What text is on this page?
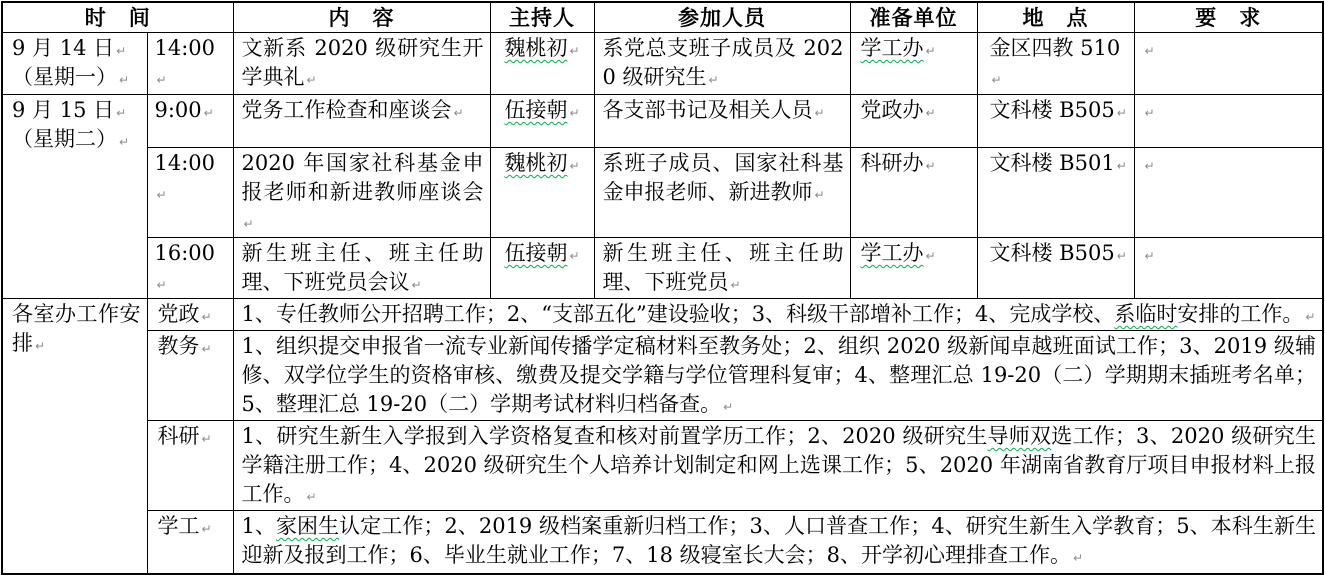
时　间		内　容	主持人	参加人员	准备单位	地　点	要　求

9 月 14 日 ↵
（星期一） ↵	14:00↵	文新系 2020 级研究生开学典礼 ↵	魏桃初 ↵	系党总支班子成员及 2020 级研究生 ↵	学工办 ↵	金区四教 510↵	↵

9 月 15 日 ↵
（星期二） ↵	9:00 ↵	党务工作检查和座谈会 ↵	伍接朝 ↵	各支部书记及相关人员 ↵	党政办 ↵	文科楼 B505 ↵	↵
	14:00↵	2020 年国家社科基金申报老师和新进教师座谈会↵	魏桃初 ↵	系班子成员、国家社科基金申报老师、新进教师 ↵	科研办 ↵	文科楼 B501 ↵	↵
	16:00↵	新生班主任、班主任助理、下班党员会议 ↵	伍接朝 ↵	新生班主任、班主任助理、下班党员 ↵	学工办 ↵	文科楼 B505 ↵	↵
各室办工作安排 ↵	党政 ↵	1、专任教师公开招聘工作；2、“支部五化”建设验收；3、科级干部增补工作；4、完成学校、系临时安排的工作。 ↵					
	教务 ↵	1、组织提交申报省一流专业新闻传播学定稿材料至教务处；2、组织 2020 级新闻卓越班面试工作；3、2019 级辅修、双学位学生的资格审核、缴费及提交学籍与学位管理科复审；4、整理汇总 19-20（二）学期期末插班考名单；5、整理汇总 19-20（二）学期考试材料归档备查。 ↵					
	科研 ↵	1、研究生新生入学报到入学资格复查和核对前置学历工作；2、2020 级研究生导师双选工作；3、2020 级研究生学籍注册工作；4、2020 级研究生个人培养计划制定和网上选课工作；5、2020 年湖南省教育厅项目申报材料上报工作。 ↵					
	学工 ↵	1、家困生认定工作；2、2019 级档案重新归档工作；3、人口普查工作；4、研究生新生入学教育；5、本科生新生迎新及报到工作；6、毕业生就业工作；7、18 级寝室长大会；8、开学初心理排查工作。 ↵					
